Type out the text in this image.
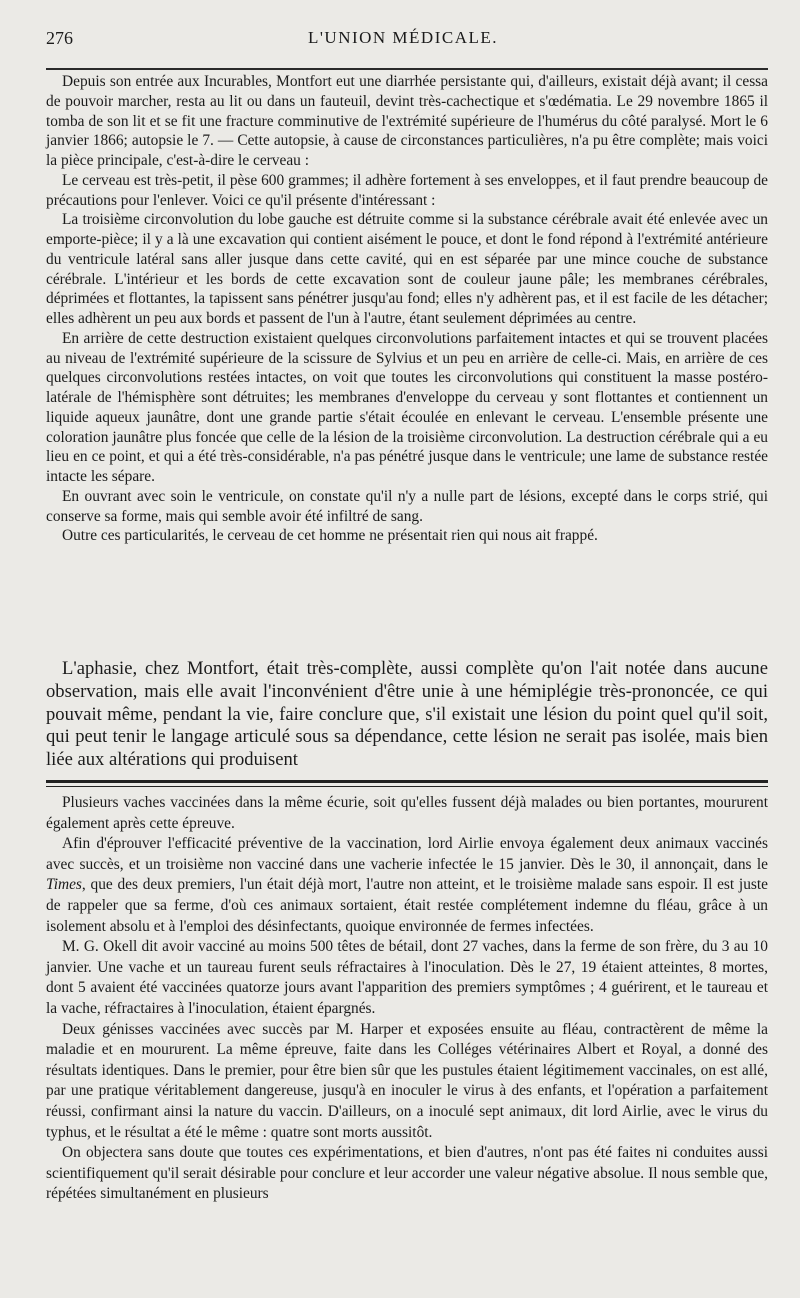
276	L'UNION MÉDICALE.

Depuis son entrée aux Incurables, Montfort eut une diarrhée persistante qui, d'ailleurs, existait déjà avant; il cessa de pouvoir marcher, resta au lit ou dans un fauteuil, devint très-cachectique et s'œdématia. Le 29 novembre 1865 il tomba de son lit et se fit une fracture comminutive de l'extrémité supérieure de l'humérus du côté paralysé. Mort le 6 janvier 1866; autopsie le 7. — Cette autopsie, à cause de circonstances particulières, n'a pu être complète; mais voici la pièce principale, c'est-à-dire le cerveau :

Le cerveau est très-petit, il pèse 600 grammes; il adhère fortement à ses enveloppes, et il faut prendre beaucoup de précautions pour l'enlever. Voici ce qu'il présente d'intéressant :

La troisième circonvolution du lobe gauche est détruite comme si la substance cérébrale avait été enlevée avec un emporte-pièce; il y a là une excavation qui contient aisément le pouce, et dont le fond répond à l'extrémité antérieure du ventricule latéral sans aller jusque dans cette cavité, qui en est séparée par une mince couche de substance cérébrale. L'intérieur et les bords de cette excavation sont de couleur jaune pâle; les membranes cérébrales, déprimées et flottantes, la tapissent sans pénétrer jusqu'au fond; elles n'y adhèrent pas, et il est facile de les détacher; elles adhèrent un peu aux bords et passent de l'un à l'autre, étant seulement déprimées au centre.

En arrière de cette destruction existaient quelques circonvolutions parfaitement intactes et qui se trouvent placées au niveau de l'extrémité supérieure de la scissure de Sylvius et un peu en arrière de celle-ci. Mais, en arrière de ces quelques circonvolutions restées intactes, on voit que toutes les circonvolutions qui constituent la masse postéro-latérale de l'hémisphère sont détruites; les membranes d'enveloppe du cerveau y sont flottantes et contiennent un liquide aqueux jaunâtre, dont une grande partie s'était écoulée en enlevant le cerveau. L'ensemble présente une coloration jaunâtre plus foncée que celle de la lésion de la troisième circonvolution. La destruction cérébrale qui a eu lieu en ce point, et qui a été très-considérable, n'a pas pénétré jusque dans le ventricule; une lame de substance restée intacte les sépare.

En ouvrant avec soin le ventricule, on constate qu'il n'y a nulle part de lésions, excepté dans le corps strié, qui conserve sa forme, mais qui semble avoir été infiltré de sang.

Outre ces particularités, le cerveau de cet homme ne présentait rien qui nous ait frappé.

L'aphasie, chez Montfort, était très-complète, aussi complète qu'on l'ait notée dans aucune observation, mais elle avait l'inconvénient d'être unie à une hémiplégie très-prononcée, ce qui pouvait même, pendant la vie, faire conclure que, s'il existait une lésion du point quel qu'il soit, qui peut tenir le langage articulé sous sa dépendance, cette lésion ne serait pas isolée, mais bien liée aux altérations qui produisent

Plusieurs vaches vaccinées dans la même écurie, soit qu'elles fussent déjà malades ou bien portantes, moururent également après cette épreuve.

Afin d'éprouver l'efficacité préventive de la vaccination, lord Airlie envoya également deux animaux vaccinés avec succès, et un troisième non vacciné dans une vacherie infectée le 15 janvier. Dès le 30, il annonçait, dans le Times, que des deux premiers, l'un était déjà mort, l'autre non atteint, et le troisième malade sans espoir. Il est juste de rappeler que sa ferme, d'où ces animaux sortaient, était restée complétement indemne du fléau, grâce à un isolement absolu et à l'emploi des désinfectants, quoique environnée de fermes infectées.

M. G. Okell dit avoir vacciné au moins 500 têtes de bétail, dont 27 vaches, dans la ferme de son frère, du 3 au 10 janvier. Une vache et un taureau furent seuls réfractaires à l'inoculation. Dès le 27, 19 étaient atteintes, 8 mortes, dont 5 avaient été vaccinées quatorze jours avant l'apparition des premiers symptômes ; 4 guérirent, et le taureau et la vache, réfractaires à l'inoculation, étaient épargnés.

Deux génisses vaccinées avec succès par M. Harper et exposées ensuite au fléau, contractèrent de même la maladie et en moururent. La même épreuve, faite dans les Colléges vétérinaires Albert et Royal, a donné des résultats identiques. Dans le premier, pour être bien sûr que les pustules étaient légitimement vaccinales, on est allé, par une pratique véritablement dangereuse, jusqu'à en inoculer le virus à des enfants, et l'opération a parfaitement réussi, confirmant ainsi la nature du vaccin. D'ailleurs, on a inoculé sept animaux, dit lord Airlie, avec le virus du typhus, et le résultat a été le même : quatre sont morts aussitôt.

On objectera sans doute que toutes ces expérimentations, et bien d'autres, n'ont pas été faites ni conduites aussi scientifiquement qu'il serait désirable pour conclure et leur accorder une valeur négative absolue. Il nous semble que, répétées simultanément en plusieurs
